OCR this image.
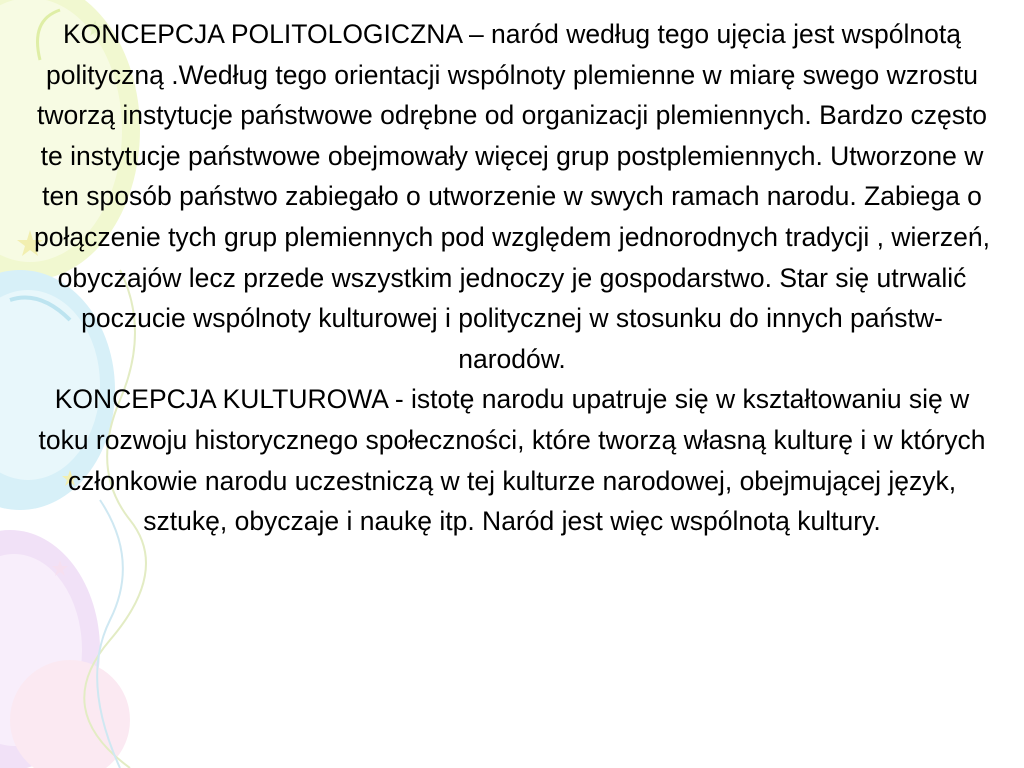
KONCEPCJA POLITOLOGICZNA – naród według tego ujęcia jest wspólnotą polityczną .Według tego orientacji wspólnoty plemienne w miarę swego wzrostu tworzą instytucje państwowe odrębne od organizacji plemiennych. Bardzo często te instytucje państwowe obejmowały więcej grup postplemiennych. Utworzone w ten sposób państwo zabiegało o utworzenie w swych ramach narodu. Zabiega o połączenie tych grup plemiennych pod względem jednorodnych tradycji , wierzeń, obyczajów lecz przede wszystkim jednoczy je gospodarstwo. Star się utrwalić poczucie wspólnoty kulturowej i politycznej w stosunku do innych państw- narodów.

KONCEPCJA KULTUROWA - istotę narodu upatruje się w kształtowaniu się w toku rozwoju historycznego społeczności, które tworzą własną kulturę i w których członkowie narodu uczestniczą w tej kulturze narodowej, obejmującej język, sztukę, obyczaje i naukę itp. Naród jest więc wspólnotą kultury.
